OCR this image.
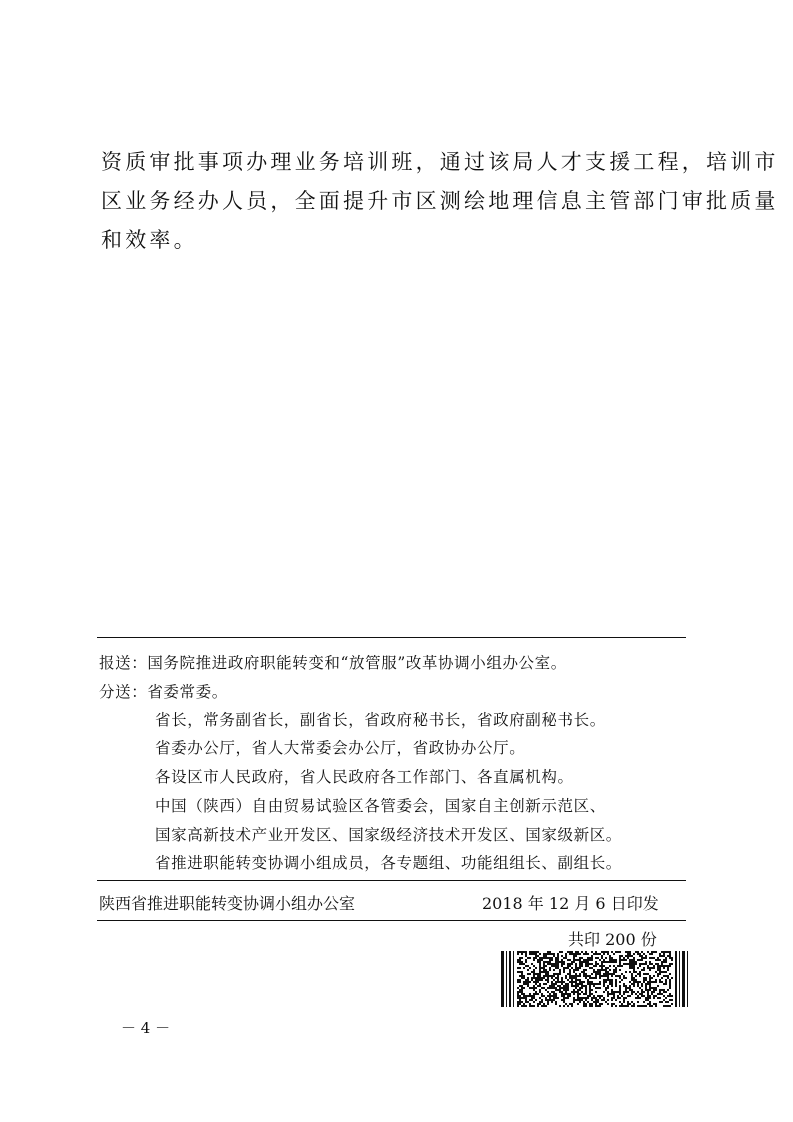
资质审批事项办理业务培训班，通过该局人才支援工程，培训市
区业务经办人员，全面提升市区测绘地理信息主管部门审批质量
和效率。
报送：国务院推进政府职能转变和“放管服”改革协调小组办公室。
分送：省委常委。
省长，常务副省长，副省长，省政府秘书长，省政府副秘书长。
省委办公厅，省人大常委会办公厅，省政协办公厅。
各设区市人民政府，省人民政府各工作部门、各直属机构。
中国（陕西）自由贸易试验区各管委会，国家自主创新示范区、
国家高新技术产业开发区、国家级经济技术开发区、国家级新区。
省推进职能转变协调小组成员，各专题组、功能组组长、副组长。
陕西省推进职能转变协调小组办公室	2018 年 12 月 6 日印发
共印 200 份
－ 4 －
